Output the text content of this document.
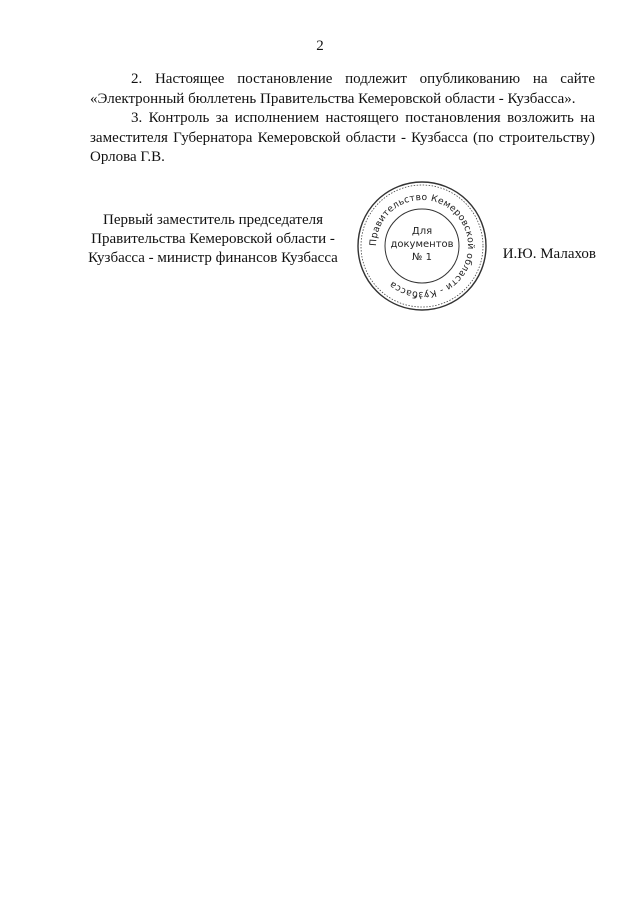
2

2. Настоящее постановление подлежит опубликованию на сайте «Электронный бюллетень Правительства Кемеровской области - Кузбасса».

3. Контроль за исполнением настоящего постановления возложить на заместителя Губернатора Кемеровской области - Кузбасса (по строительству) Орлова Г.В.

Первый заместитель председателя
Правительства Кемеровской области -
Кузбасса - министр финансов Кузбасса
Правительство Кемеровской области - Кузбасса
Для
документов
№ 1	И.Ю. Малахов
